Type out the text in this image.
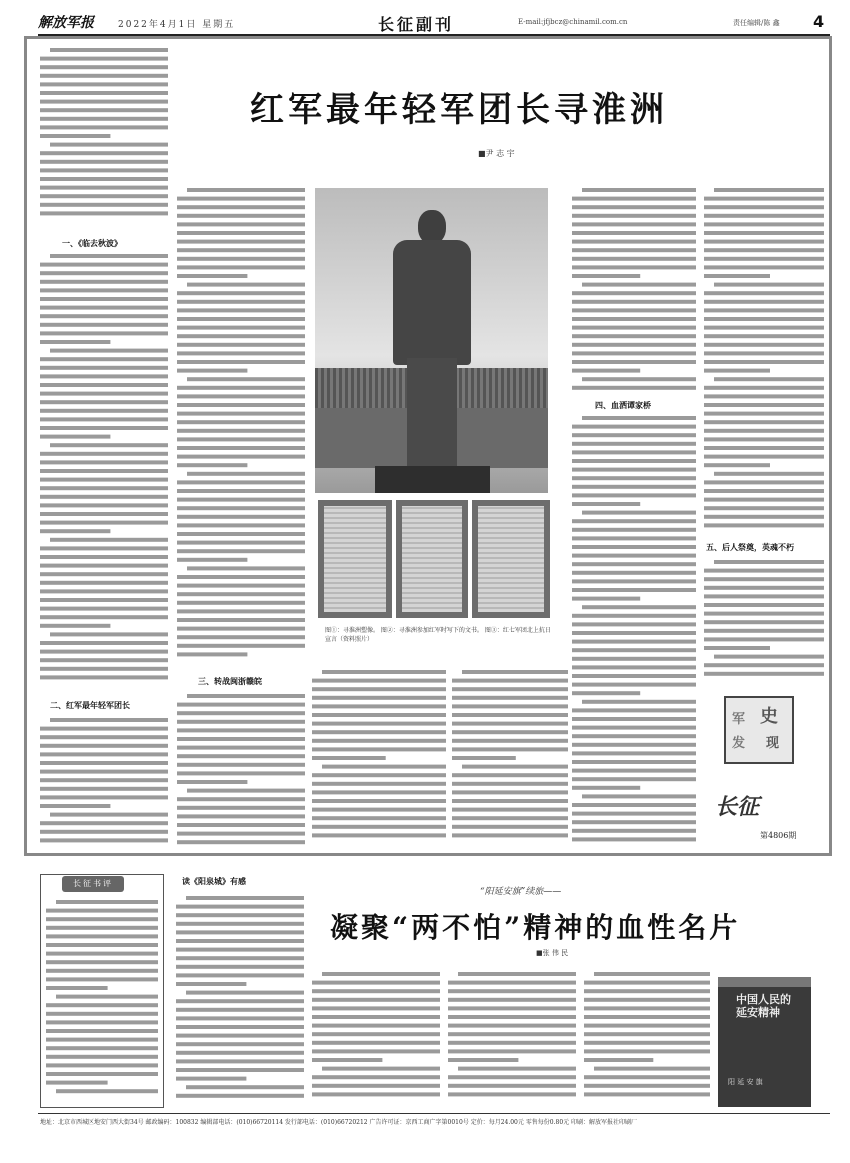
解放军报	2022年4月1日 星期五	长征副刊	E-mail:jfjbcz@chinamil.com.cn	责任编辑/陈 鑫 4
红军最年轻军团长寻淮洲
■尹 志 宇
一、《临去秋波》
二、红军最年轻军团长
三、转战闽浙赣皖
图①：寻淮洲塑像。 图②：寻淮洲参加红军时写下的文书。 图③：红七军团北上抗日宣言（资料照片）
四、血洒谭家桥
五、后人祭奠，英魂不朽
史
军
发 现
长征
第4806期
长征书评	读《阳泉城》有感
“阳延安旗”续旅——
凝聚“两不怕”精神的血性名片
■张 伟 民
中国人民的延安精神
阳 延 安 旗
地址：北京市西城区地安门西大街34号 邮政编码：100832 编辑部电话：(010)66720114 发行部电话：(010)66720212 广告许可证：京西工商广字第0010号 定价：每月24.00元 零售每份0.80元 印刷：解放军报社印刷厂
